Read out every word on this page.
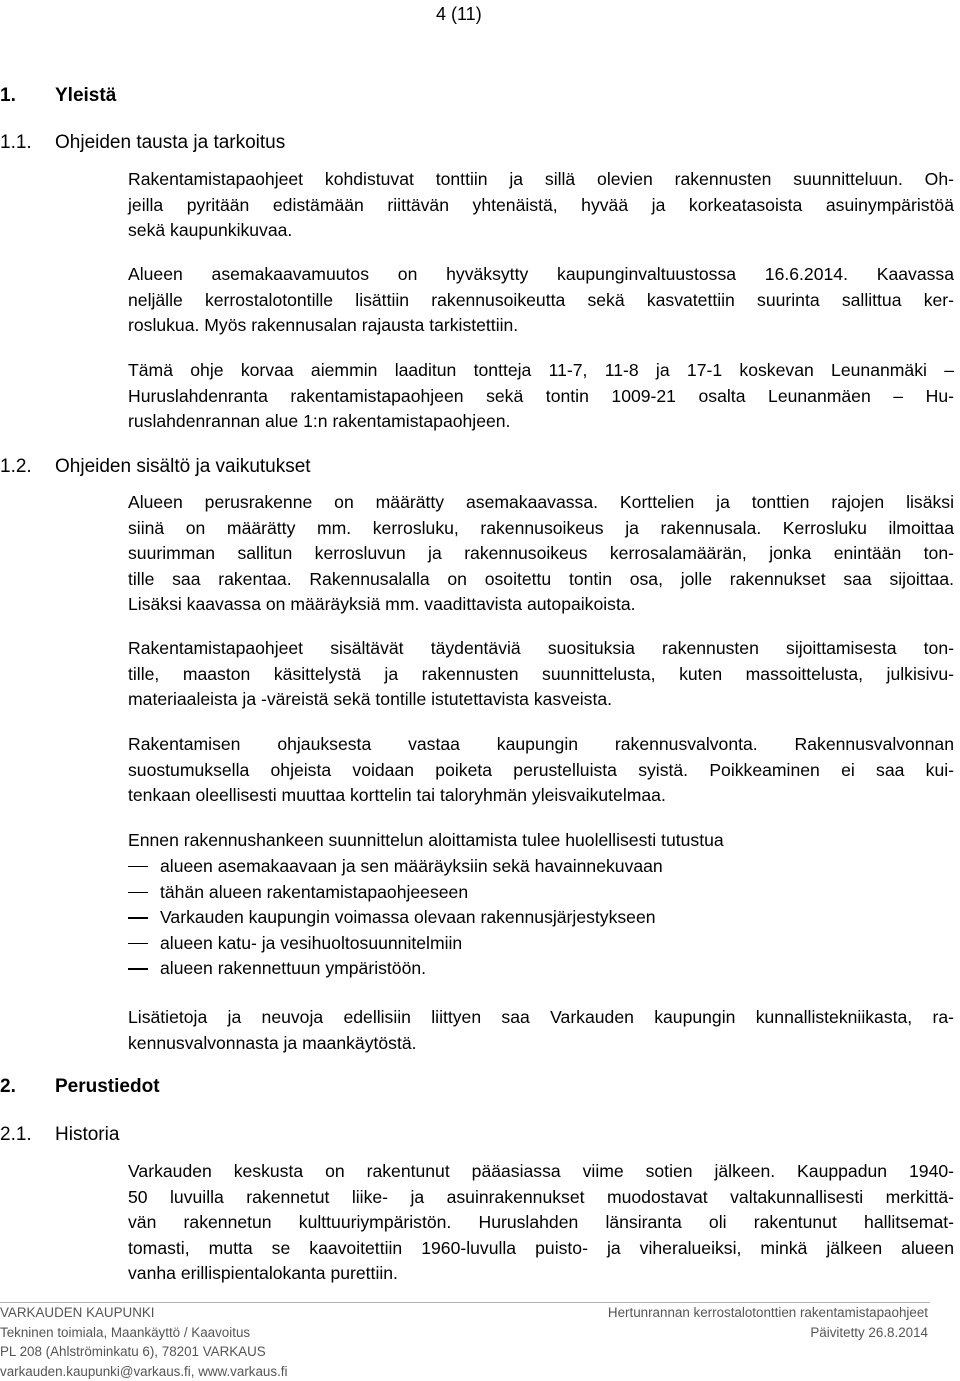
4 (11)
1. Yleistä
1.1. Ohjeiden tausta ja tarkoitus
1.2. Ohjeiden sisältö ja vaikutukset
2. Perustiedot
2.1. Historia
Rakentamistapaohjeet kohdistuvat tonttiin ja sillä olevien rakennusten suunnitteluun. Oh-
jeilla pyritään edistämään riittävän yhtenäistä, hyvää ja korkeatasoista asuinympäristöä
sekä kaupunkikuvaa.
Alueen asemakaavamuutos on hyväksytty kaupunginvaltuustossa 16.6.2014. Kaavassa
neljälle kerrostalotontille lisättiin rakennusoikeutta sekä kasvatettiin suurinta sallittua ker-
roslukua. Myös rakennusalan rajausta tarkistettiin.
Tämä ohje korvaa aiemmin laaditun tontteja 11-7, 11-8 ja 17-1 koskevan Leunanmäki –
Huruslahdenranta rakentamistapaohjeen sekä tontin 1009-21 osalta Leunanmäen – Hu-
ruslahdenrannan alue 1:n rakentamistapaohjeen.
Alueen perusrakenne on määrätty asemakaavassa. Korttelien ja tonttien rajojen lisäksi
siinä on määrätty mm. kerrosluku, rakennusoikeus ja rakennusala. Kerrosluku ilmoittaa
suurimman sallitun kerrosluvun ja rakennusoikeus kerrosalamäärän, jonka enintään ton-
tille saa rakentaa. Rakennusalalla on osoitettu tontin osa, jolle rakennukset saa sijoittaa.
Lisäksi kaavassa on määräyksiä mm. vaadittavista autopaikoista.
Rakentamistapaohjeet sisältävät täydentäviä suosituksia rakennusten sijoittamisesta ton-
tille, maaston käsittelystä ja rakennusten suunnittelusta, kuten massoittelusta, julkisivu-
materiaaleista ja -väreistä sekä tontille istutettavista kasveista.
Rakentamisen ohjauksesta vastaa kaupungin rakennusvalvonta. Rakennusvalvonnan
suostumuksella ohjeista voidaan poiketa perustelluista syistä. Poikkeaminen ei saa kui-
tenkaan oleellisesti muuttaa korttelin tai taloryhmän yleisvaikutelmaa.
Ennen rakennushankeen suunnittelun aloittamista tulee huolellisesti tutustua
alueen asemakaavaan ja sen määräyksiin sekä havainnekuvaan
tähän alueen rakentamistapaohjeeseen
Varkauden kaupungin voimassa olevaan rakennusjärjestykseen
alueen katu- ja vesihuoltosuunnitelmiin
alueen rakennettuun ympäristöön.
Lisätietoja ja neuvoja edellisiin liittyen saa Varkauden kaupungin kunnallistekniikasta, ra-
kennusvalvonnasta ja maankäytöstä.
Varkauden keskusta on rakentunut pääasiassa viime sotien jälkeen. Kauppadun 1940-
50 luvuilla rakennetut liike- ja asuinrakennukset muodostavat valtakunnallisesti merkittä-
vän rakennetun kulttuuriympäristön. Huruslahden länsiranta oli rakentunut hallitsemat-
tomasti, mutta se kaavoitettiin 1960-luvulla puisto- ja viheralueiksi, minkä jälkeen alueen
vanha erillispientalokanta purettiin.
VARKAUDEN KAUPUNKI
Tekninen toimiala, Maankäyttö / Kaavoitus
PL 208 (Ahlströminkatu 6), 78201 VARKAUS
varkauden.kaupunki@varkaus.fi, www.varkaus.fi
Hertunrannan kerrostalotonttien rakentamistapaohjeet
Päivitetty 26.8.2014
